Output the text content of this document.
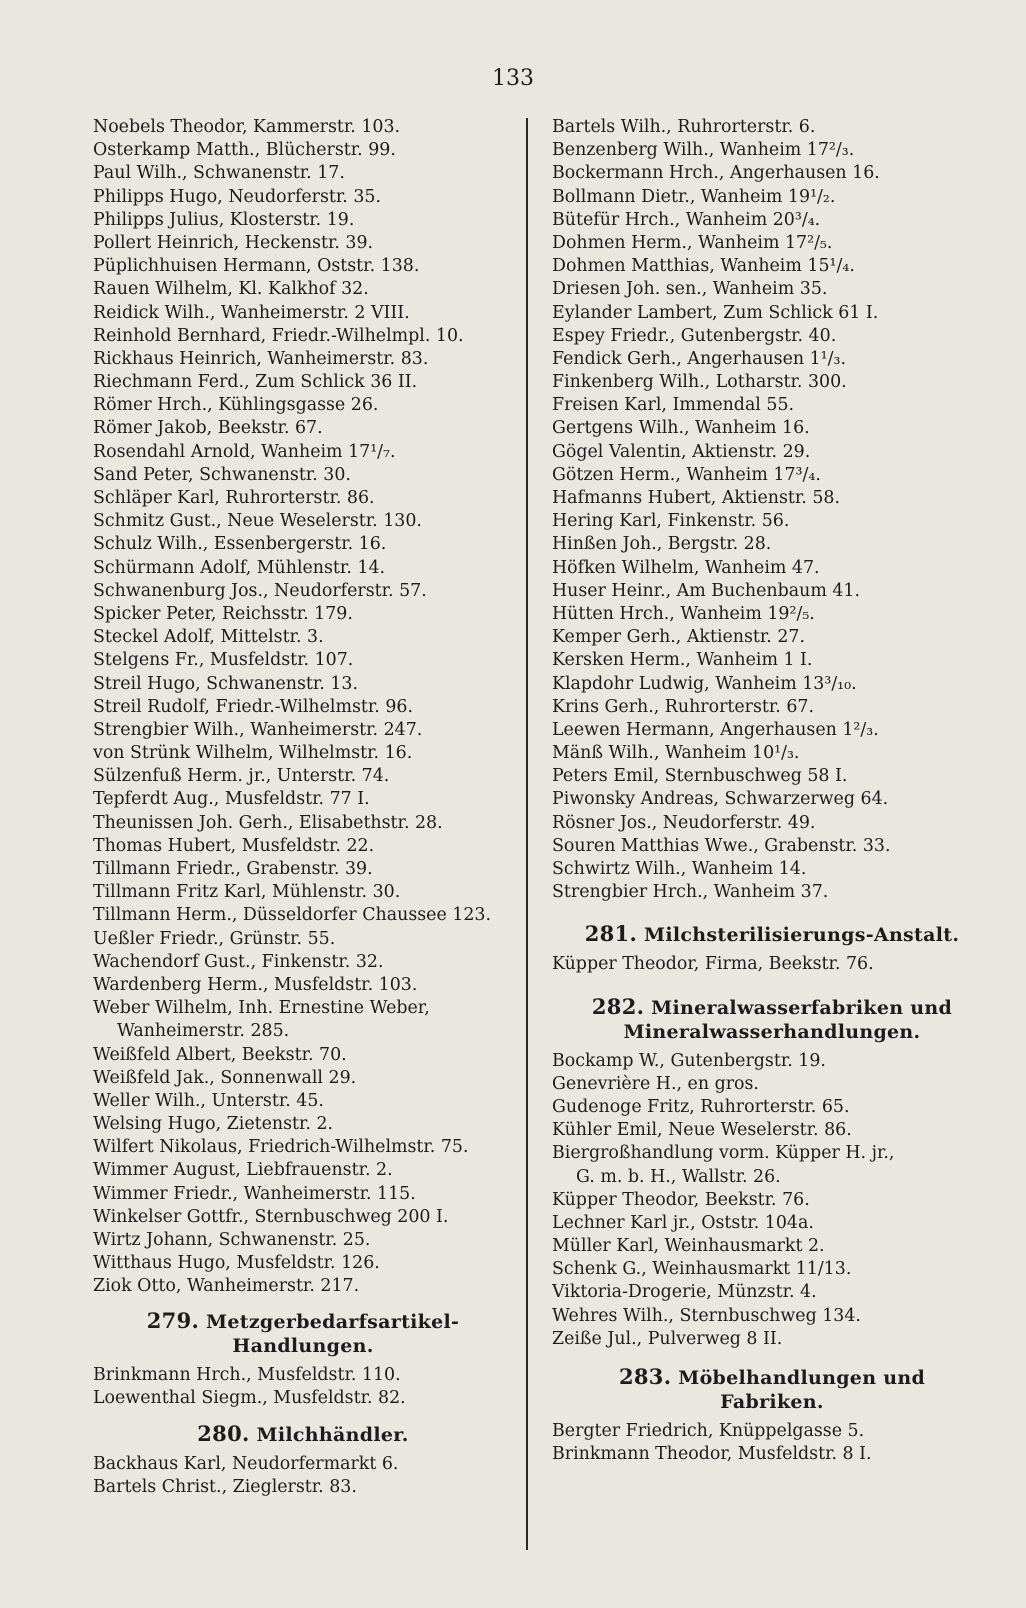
133
Noebels Theodor, Kammerstr. 103.
Osterkamp Matth., Blücherstr. 99.
Paul Wilh., Schwanenstr. 17.
Philipps Hugo, Neudorferstr. 35.
Philipps Julius, Klosterstr. 19.
Pollert Heinrich, Heckenstr. 39.
Püplichhuisen Hermann, Oststr. 138.
Rauen Wilhelm, Kl. Kalkhof 32.
Reidick Wilh., Wanheimerstr. 2 VIII.
Reinhold Bernhard, Friedr.-Wilhelmpl. 10.
Rickhaus Heinrich, Wanheimerstr. 83.
Riechmann Ferd., Zum Schlick 36 II.
Römer Hrch., Kühlingsgasse 26.
Römer Jakob, Beekstr. 67.
Rosendahl Arnold, Wanheim 17¹/₇.
Sand Peter, Schwanenstr. 30.
Schläper Karl, Ruhrorterstr. 86.
Schmitz Gust., Neue Weselerstr. 130.
Schulz Wilh., Essenbergerstr. 16.
Schürmann Adolf, Mühlenstr. 14.
Schwanenburg Jos., Neudorferstr. 57.
Spicker Peter, Reichsstr. 179.
Steckel Adolf, Mittelstr. 3.
Stelgens Fr., Musfeldstr. 107.
Streil Hugo, Schwanenstr. 13.
Streil Rudolf, Friedr.-Wilhelmstr. 96.
Strengbier Wilh., Wanheimerstr. 247.
von Strünk Wilhelm, Wilhelmstr. 16.
Sülzenfuß Herm. jr., Unterstr. 74.
Tepferdt Aug., Musfeldstr. 77 I.
Theunissen Joh. Gerh., Elisabethstr. 28.
Thomas Hubert, Musfeldstr. 22.
Tillmann Friedr., Grabenstr. 39.
Tillmann Fritz Karl, Mühlenstr. 30.
Tillmann Herm., Düsseldorfer Chaussee 123.
Ueßler Friedr., Grünstr. 55.
Wachendorf Gust., Finkenstr. 32.
Wardenberg Herm., Musfeldstr. 103.
Weber Wilhelm, Inh. Ernestine Weber,
Wanheimerstr. 285.
Weißfeld Albert, Beekstr. 70.
Weißfeld Jak., Sonnenwall 29.
Weller Wilh., Unterstr. 45.
Welsing Hugo, Zietenstr. 2.
Wilfert Nikolaus, Friedrich-Wilhelmstr. 75.
Wimmer August, Liebfrauenstr. 2.
Wimmer Friedr., Wanheimerstr. 115.
Winkelser Gottfr., Sternbuschweg 200 I.
Wirtz Johann, Schwanenstr. 25.
Witthaus Hugo, Musfeldstr. 126.
Ziok Otto, Wanheimerstr. 217.
279. Metzgerbedarfsartikel-
Handlungen.
Brinkmann Hrch., Musfeldstr. 110.
Loewenthal Siegm., Musfeldstr. 82.
280. Milchhändler.
Backhaus Karl, Neudorfermarkt 6.
Bartels Christ., Zieglerstr. 83.
Bartels Wilh., Ruhrorterstr. 6.
Benzenberg Wilh., Wanheim 17²/₃.
Bockermann Hrch., Angerhausen 16.
Bollmann Dietr., Wanheim 19¹/₂.
Bütefür Hrch., Wanheim 20³/₄.
Dohmen Herm., Wanheim 17²/₅.
Dohmen Matthias, Wanheim 15¹/₄.
Driesen Joh. sen., Wanheim 35.
Eylander Lambert, Zum Schlick 61 I.
Espey Friedr., Gutenbergstr. 40.
Fendick Gerh., Angerhausen 1¹/₃.
Finkenberg Wilh., Lotharstr. 300.
Freisen Karl, Immendal 55.
Gertgens Wilh., Wanheim 16.
Gögel Valentin, Aktienstr. 29.
Götzen Herm., Wanheim 17³/₄.
Hafmanns Hubert, Aktienstr. 58.
Hering Karl, Finkenstr. 56.
Hinßen Joh., Bergstr. 28.
Höfken Wilhelm, Wanheim 47.
Huser Heinr., Am Buchenbaum 41.
Hütten Hrch., Wanheim 19²/₅.
Kemper Gerh., Aktienstr. 27.
Kersken Herm., Wanheim 1 I.
Klapdohr Ludwig, Wanheim 13³/₁₀.
Krins Gerh., Ruhrorterstr. 67.
Leewen Hermann, Angerhausen 1²/₃.
Mänß Wilh., Wanheim 10¹/₃.
Peters Emil, Sternbuschweg 58 I.
Piwonsky Andreas, Schwarzerweg 64.
Rösner Jos., Neudorferstr. 49.
Souren Matthias Wwe., Grabenstr. 33.
Schwirtz Wilh., Wanheim 14.
Strengbier Hrch., Wanheim 37.
281. Milchsterilisierungs-Anstalt.
Küpper Theodor, Firma, Beekstr. 76.
282. Mineralwasserfabriken und
Mineralwasserhandlungen.
Bockamp W., Gutenbergstr. 19.
Genevrière H., en gros.
Gudenoge Fritz, Ruhrorterstr. 65.
Kühler Emil, Neue Weselerstr. 86.
Biergroßhandlung vorm. Küpper H. jr.,
G. m. b. H., Wallstr. 26.
Küpper Theodor, Beekstr. 76.
Lechner Karl jr., Oststr. 104a.
Müller Karl, Weinhausmarkt 2.
Schenk G., Weinhausmarkt 11/13.
Viktoria-Drogerie, Münzstr. 4.
Wehres Wilh., Sternbuschweg 134.
Zeiße Jul., Pulverweg 8 II.
283. Möbelhandlungen und
Fabriken.
Bergter Friedrich, Knüppelgasse 5.
Brinkmann Theodor, Musfeldstr. 8 I.
